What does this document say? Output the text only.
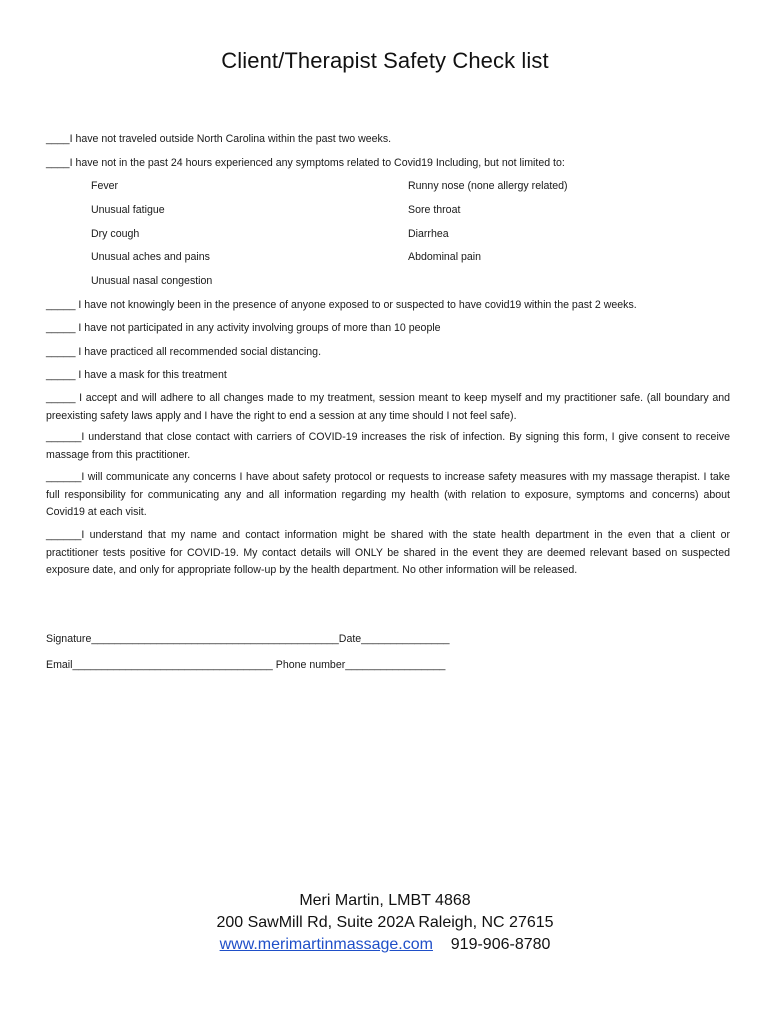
Client/Therapist Safety Check list
____I have not traveled outside North Carolina within the past two weeks.
____I have not in the past 24 hours experienced any symptoms related to Covid19 Including, but not limited to:
Fever	Runny nose (none allergy related)
Unusual fatigue	Sore throat
Dry cough	Diarrhea
Unusual aches and pains	Abdominal pain
Unusual nasal congestion
_____ I have not knowingly been in the presence of anyone exposed to or suspected to have covid19 within the past 2 weeks.
_____ I have not participated in any activity involving groups of more than 10 people
_____ I have practiced all recommended social distancing.
_____ I have a mask for this treatment
_____ I accept and will adhere to all changes made to my treatment, session meant to keep myself and my practitioner safe. (all boundary and preexisting safety laws apply and I have the right to end a session at any time should I not feel safe).
______I understand that close contact with carriers of COVID-19 increases the risk of infection. By signing this form, I give consent to receive massage from this practitioner.
______I will communicate any concerns I have about safety protocol or requests to increase safety measures with my massage therapist. I take full responsibility for communicating any and all information regarding my health (with relation to exposure, symptoms and concerns) about Covid19 at each visit.
______I understand that my name and contact information might be shared with the state health department in the even that a client or practitioner tests positive for COVID-19. My contact details will ONLY be shared in the event they are deemed relevant based on suspected exposure date, and only for appropriate follow-up by the health department. No other information will be released.
Signature__________________________________________Date_______________
Email__________________________________ Phone number_________________
Meri Martin, LMBT 4868
200 SawMill Rd, Suite 202A Raleigh, NC 27615
www.merimartinmassage.com 919-906-8780
